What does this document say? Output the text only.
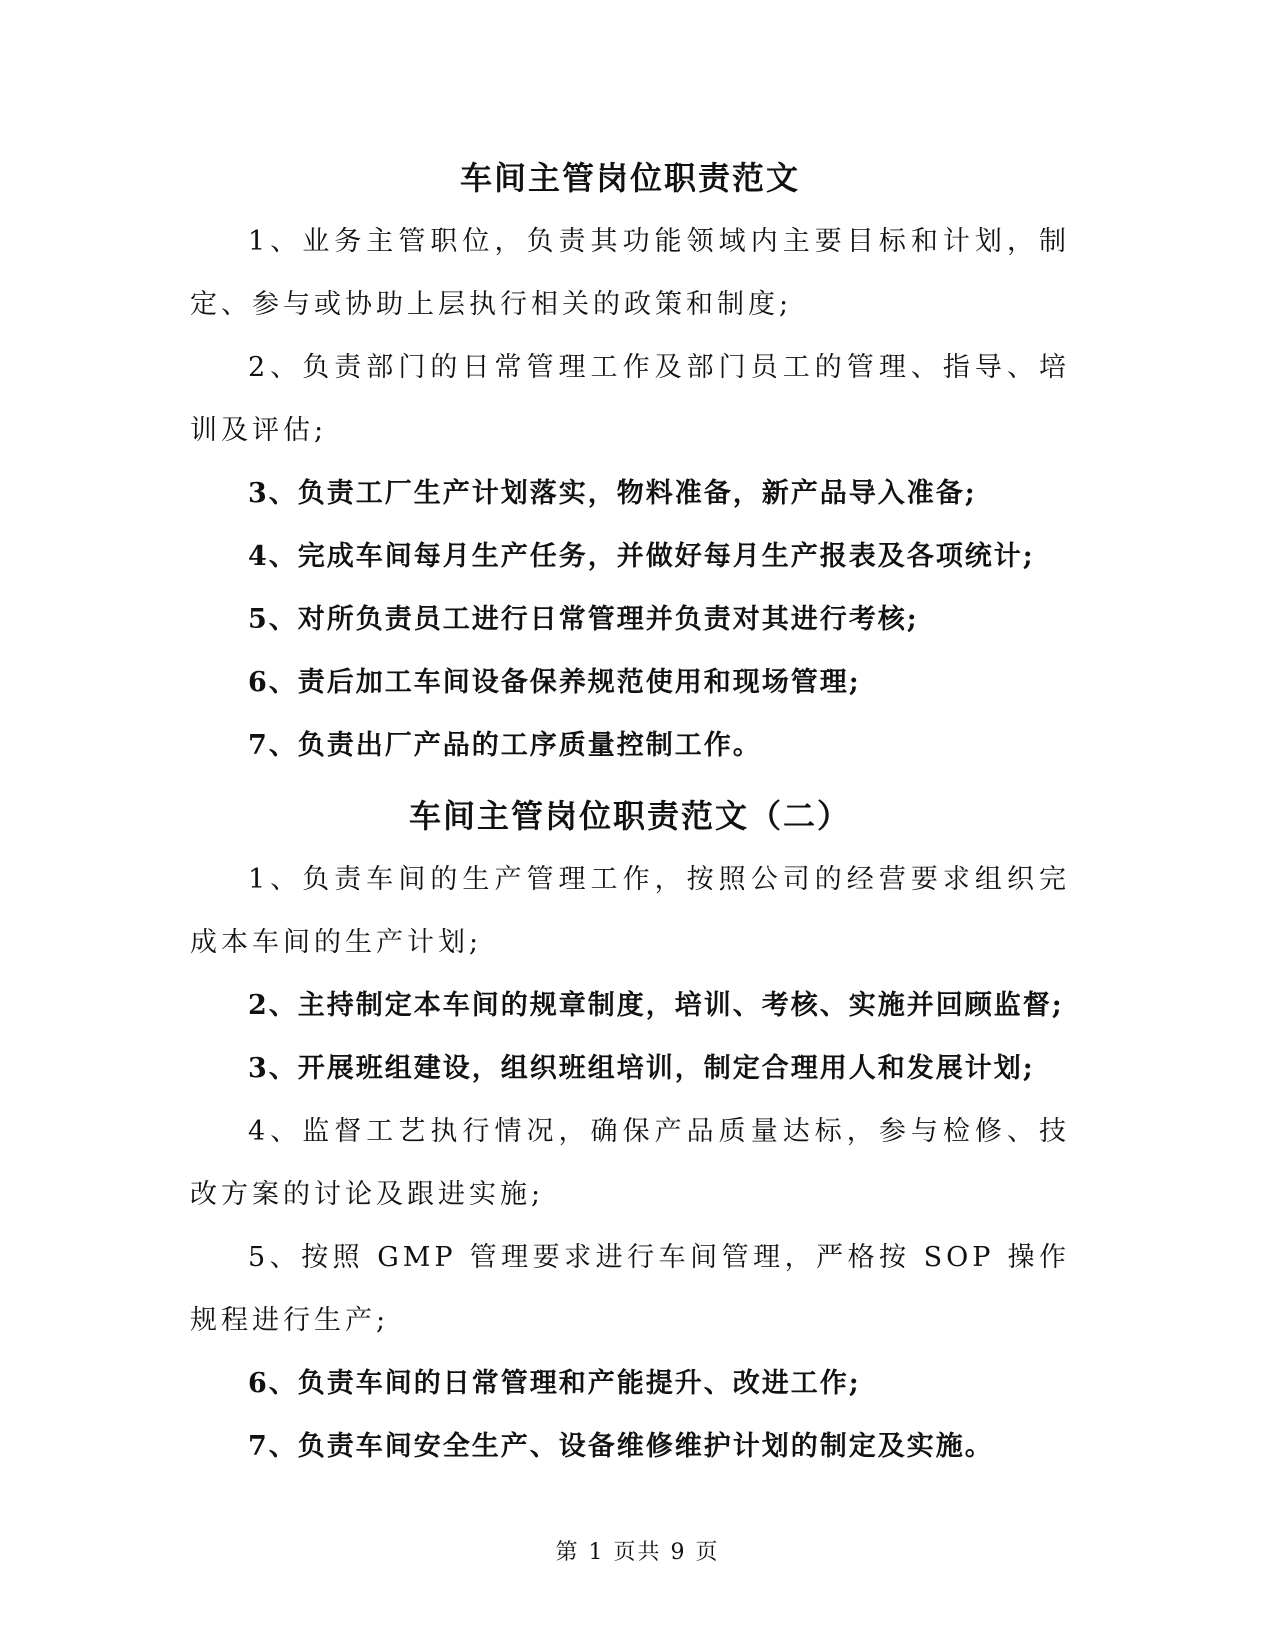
车间主管岗位职责范文

1、业务主管职位，负责其功能领域内主要目标和计划，制定、参与或协助上层执行相关的政策和制度;

2、负责部门的日常管理工作及部门员工的管理、指导、培训及评估;

3、负责工厂生产计划落实，物料准备，新产品导入准备;

4、完成车间每月生产任务，并做好每月生产报表及各项统计;

5、对所负责员工进行日常管理并负责对其进行考核;

6、责后加工车间设备保养规范使用和现场管理;

7、负责出厂产品的工序质量控制工作。

车间主管岗位职责范文（二）

1、负责车间的生产管理工作，按照公司的经营要求组织完成本车间的生产计划;

2、主持制定本车间的规章制度，培训、考核、实施并回顾监督;

3、开展班组建设，组织班组培训，制定合理用人和发展计划;

4、监督工艺执行情况，确保产品质量达标，参与检修、技改方案的讨论及跟进实施;

5、按照 GMP 管理要求进行车间管理，严格按 SOP 操作规程进行生产;

6、负责车间的日常管理和产能提升、改进工作;

7、负责车间安全生产、设备维修维护计划的制定及实施。

第 1 页共 9 页
